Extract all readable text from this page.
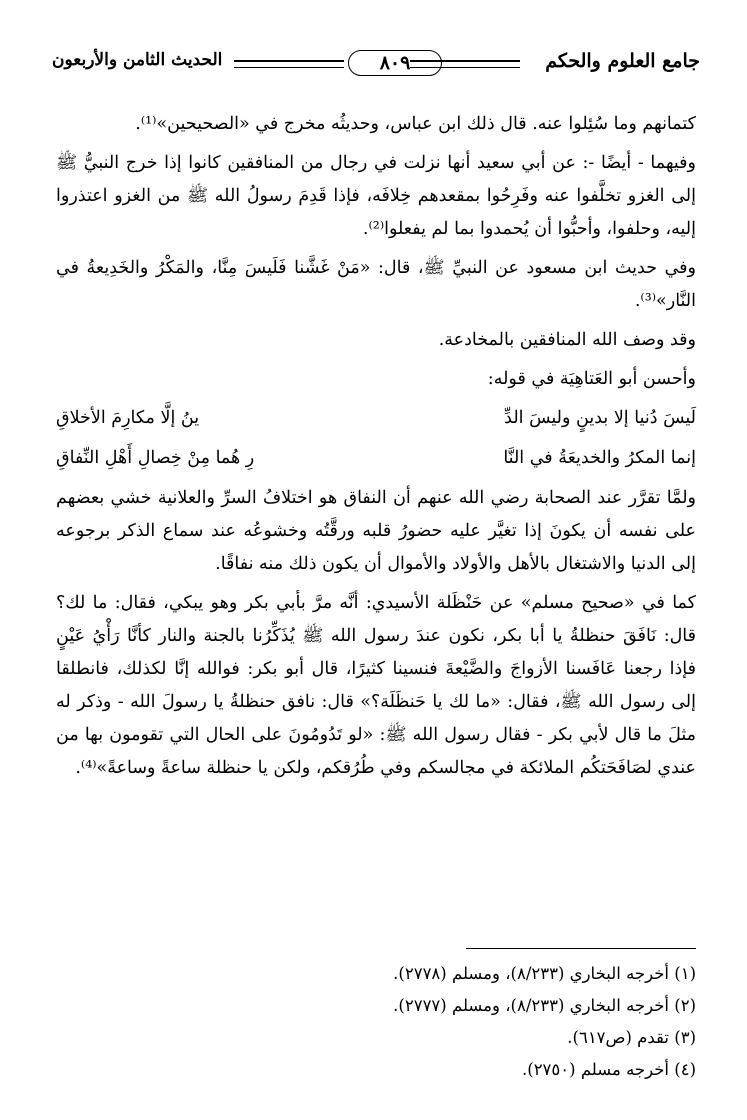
جامع العلوم والحكم
٨٠٩
الحديث الثامن والأربعون

كتمانهم وما سُئِلوا عنه. قال ذلك ابن عباس، وحديثُه مخرج في «الصحيحين»⁽¹⁾.

وفيهما - أيضًا -: عن أبي سعيد أنها نزلت في رجال من المنافقين كانوا إذا خرج النبيُّ ﷺ إلى الغزو تخلَّفوا عنه وفَرِحُوا بمقعدهم خِلافَه، فإذا قَدِمَ رسولُ الله ﷺ من الغزو اعتذروا إليه، وحلفوا، وأحبُّوا أن يُحمدوا بما لم يفعلوا⁽²⁾.

وفي حديث ابن مسعود عن النبيِّ ﷺ، قال: «مَنْ غَشَّنا فَلَيسَ مِنَّا، والمَكْرُ والخَدِيعةُ في النَّار»⁽³⁾.

وقد وصف الله المنافقين بالمخادعة.

وأحسن أبو العَتاهِيَة في قوله:

لَيسَ دُنيا إلا بدينٍ وليسَ الدِّ
ينُ إلَّا مكارِمَ الأخلاقِ
إنما المكرُ والخديعَةُ في النَّا
رِ هُما مِنْ خِصالِ أَهْلِ النِّفاقِ

ولمَّا تقرَّر عند الصحابة رضي الله عنهم أن النفاق هو اختلافُ السرِّ والعلانية خشي بعضهم على نفسه أن يكونَ إذا تغيَّر عليه حضورُ قلبه ورقَّتُه وخشوعُه عند سماع الذكر برجوعه إلى الدنيا والاشتغال بالأهل والأولاد والأموال أن يكون ذلك منه نفاقًا.

كما في «صحيح مسلم» عن حَنْظَلة الأسيدي: أنَّه مرَّ بأبي بكر وهو يبكي، فقال: ما لك؟ قال: نَافَقَ حنظلةُ يا أبا بكر، نكون عندَ رسول الله ﷺ يُذَكِّرُنا بالجنة والنار كأنَّا رَأْيُ عَيْنٍ فإذا رجعنا عَافَسنا الأزواجَ والضَّيْعةَ فنسينا كثيرًا، قال أبو بكر: فوالله إنَّا لكذلك، فانطلقا إلى رسول الله ﷺ، فقال: «ما لك يا حَنظَلَة؟» قال: نافق حنظلةُ يا رسولَ الله - وذكر له مثلَ ما قال لأبي بكر - فقال رسول الله ﷺ: «لو تَدُومُونَ على الحال التي تقومون بها من عندي لصَافَحَتكُم الملائكة في مجالسكم وفي طُرُقكم، ولكن يا حنظلة ساعةً وساعةً»⁽⁴⁾.

(١) أخرجه البخاري (٨/٢٣٣)، ومسلم (٢٧٧٨).
(٢) أخرجه البخاري (٨/٢٣٣)، ومسلم (٢٧٧٧).
(٣) تقدم (ص٦١٧).
(٤) أخرجه مسلم (٢٧٥٠).
